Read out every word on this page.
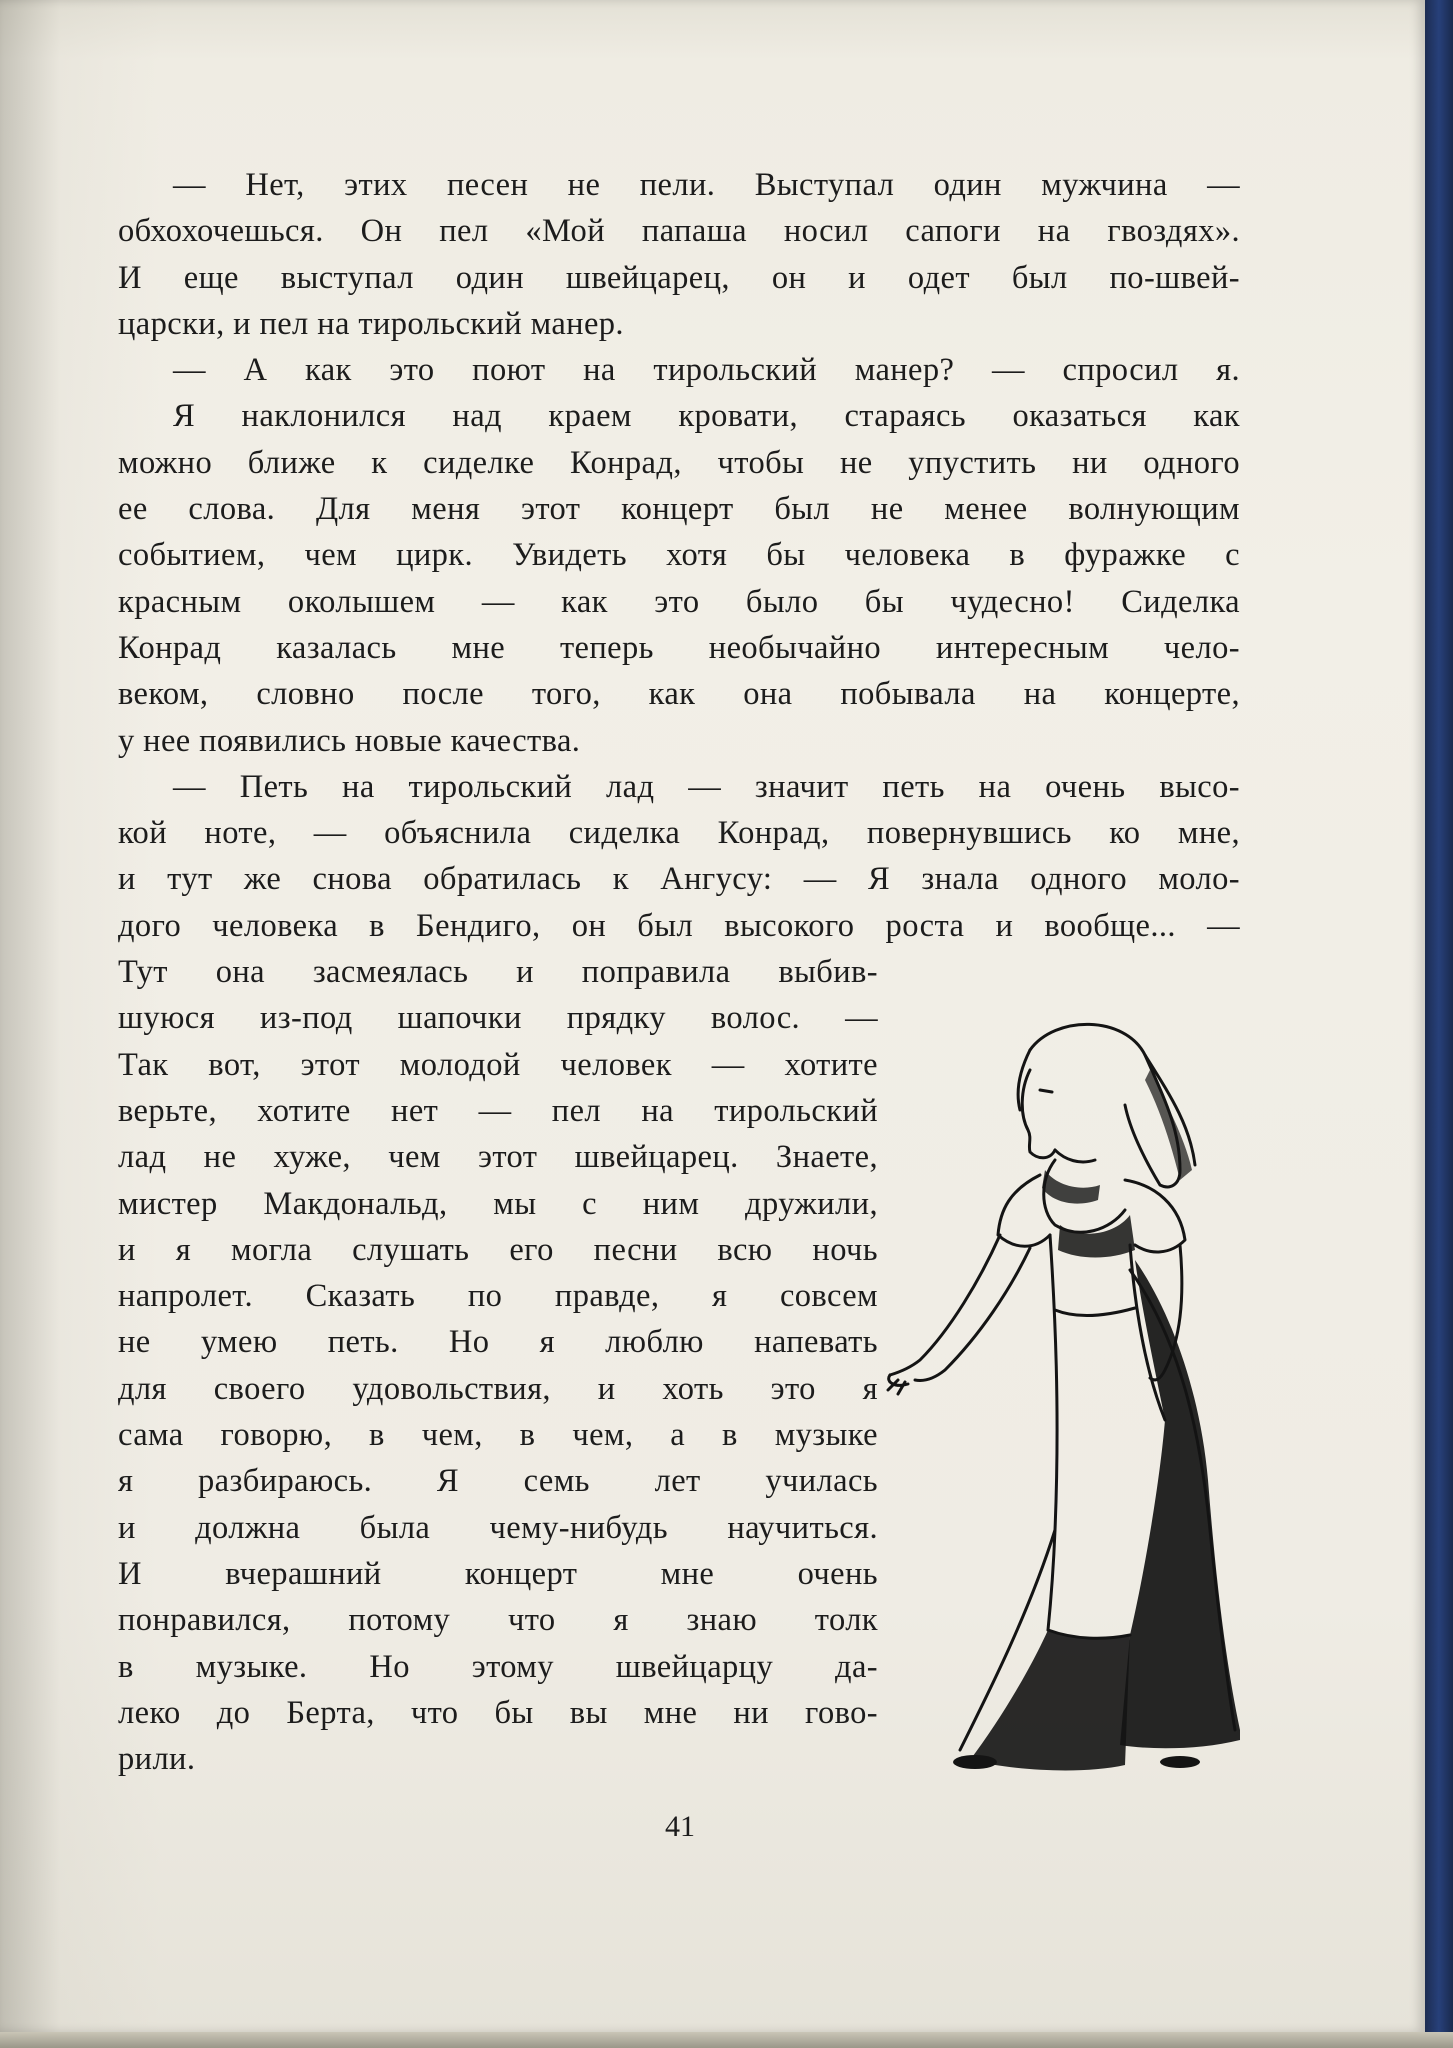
— Нет, этих песен не пели. Выступал один мужчина —
обхохочешься. Он пел «Мой папаша носил сапоги на гвоздях».
И еще выступал один швейцарец, он и одет был по-швей-
царски, и пел на тирольский манер.
— А как это поют на тирольский манер? — спросил я.
Я наклонился над краем кровати, стараясь оказаться как
можно ближе к сиделке Конрад, чтобы не упустить ни одного
ее слова. Для меня этот концерт был не менее волнующим
событием, чем цирк. Увидеть хотя бы человека в фуражке с
красным околышем — как это было бы чудесно! Сиделка
Конрад казалась мне теперь необычайно интересным чело-
веком, словно после того, как она побывала на концерте,
у нее появились новые качества.
— Петь на тирольский лад — значит петь на очень высо-
кой ноте, — объяснила сиделка Конрад, повернувшись ко мне,
и тут же снова обратилась к Ангусу: — Я знала одного моло-
дого человека в Бендиго, он был высокого роста и вообще... —
Тут она засмеялась и поправила выбив-
шуюся из-под шапочки прядку волос. —
Так вот, этот молодой человек — хотите
верьте, хотите нет — пел на тирольский
лад не хуже, чем этот швейцарец. Знаете,
мистер Макдональд, мы с ним дружили,
и я могла слушать его песни всю ночь
напролет. Сказать по правде, я совсем
не умею петь. Но я люблю напевать
для своего удовольствия, и хоть это я
сама говорю, в чем, в чем, а в музыке
я разбираюсь. Я семь лет училась
и должна была чему-нибудь научиться.
И вчерашний концерт мне очень
понравился, потому что я знаю толк
в музыке. Но этому швейцарцу да-
леко до Берта, что бы вы мне ни гово-
рили.
41
